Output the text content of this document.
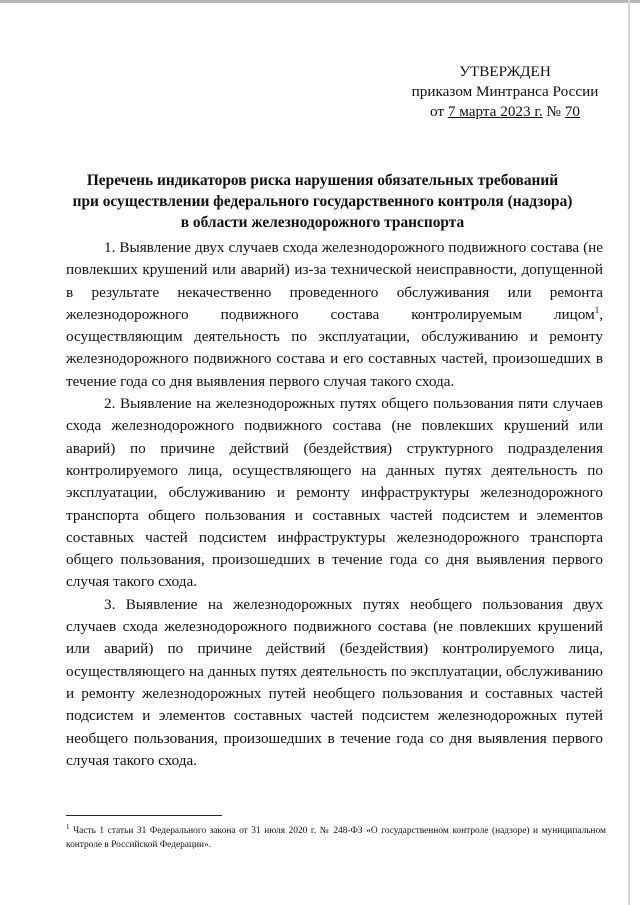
УТВЕРЖДЕН
приказом Минтранса России
от 7 марта 2023 г. № 70
Перечень индикаторов риска нарушения обязательных требований
при осуществлении федерального государственного контроля (надзора)
в области железнодорожного транспорта

1. Выявление двух случаев схода железнодорожного подвижного состава (не повлекших крушений или аварий) из-за технической неисправности, допущенной в результате некачественно проведенного обслуживания или ремонта железнодорожного подвижного состава контролируемым лицом$^1$, осуществляющим деятельность по эксплуатации, обслуживанию и ремонту железнодорожного подвижного состава и его составных частей, произошедших в течение года со дня выявления первого случая такого схода.

2. Выявление на железнодорожных путях общего пользования пяти случаев схода железнодорожного подвижного состава (не повлекших крушений или аварий) по причине действий (бездействия) структурного подразделения контролируемого лица, осуществляющего на данных путях деятельность по эксплуатации, обслуживанию и ремонту инфраструктуры железнодорожного транспорта общего пользования и составных частей подсистем и элементов составных частей подсистем инфраструктуры железнодорожного транспорта общего пользования, произошедших в течение года со дня выявления первого случая такого схода.

3. Выявление на железнодорожных путях необщего пользования двух случаев схода железнодорожного подвижного состава (не повлекших крушений или аварий) по причине действий (бездействия) контролируемого лица, осуществляющего на данных путях деятельность по эксплуатации, обслуживанию и ремонту железнодорожных путей необщего пользования и составных частей подсистем и элементов составных частей подсистем железнодорожных путей необщего пользования, произошедших в течение года со дня выявления первого случая такого схода.

$^1$ Часть 1 статьи 31 Федерального закона от 31 июля 2020 г. № 248-ФЗ «О государственном контроле (надзоре) и муниципальном контроле в Российской Федерации».
